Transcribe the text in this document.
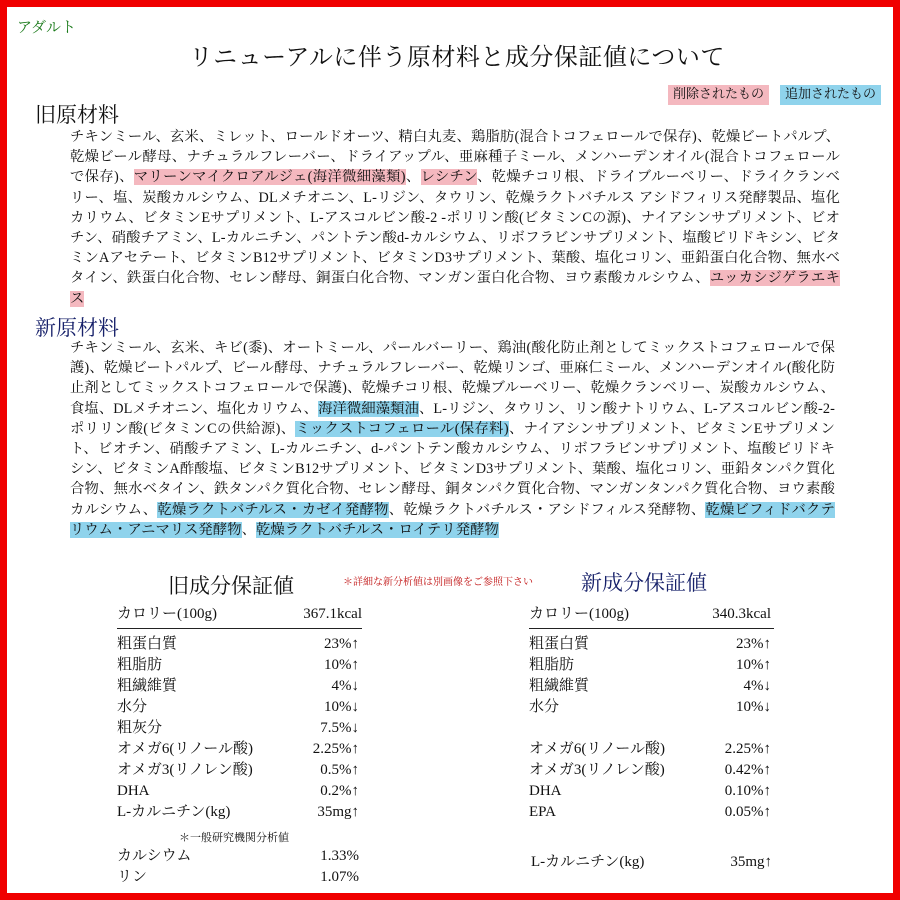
アダルト
リニューアルに伴う原材料と成分保証値について
削除されたもの	追加されたもの
旧原材料
チキンミール、玄米、ミレット、ロールドオーツ、精白丸麦、鶏脂肪(混合トコフェロールで保存)、乾燥ビートパルプ、乾燥ビール酵母、ナチュラルフレーバー、ドライアップル、亜麻種子ミール、メンハーデンオイル(混合トコフェロールで保存)、マリーンマイクロアルジェ(海洋微細藻類)、レシチン、乾燥チコリ根、ドライブルーベリー、ドライクランベリー、塩、炭酸カルシウム、DLメチオニン、L-リジン、タウリン、乾燥ラクトバチルス アシドフィリス発酵製品、塩化カリウム、ビタミンEサプリメント、L-アスコルビン酸-2 -ポリリン酸(ビタミンCの源)、ナイアシンサプリメント、ビオチン、硝酸チアミン、L-カルニチン、パントテン酸d-カルシウム、リボフラビンサプリメント、塩酸ピリドキシン、ビタミンAアセテート、ビタミンB12サプリメント、ビタミンD3サプリメント、葉酸、塩化コリン、亜鉛蛋白化合物、無水ベタイン、鉄蛋白化合物、セレン酵母、銅蛋白化合物、マンガン蛋白化合物、ヨウ素酸カルシウム、ユッカシジゲラエキス
新原材料
チキンミール、玄米、キビ(黍)、オートミール、パールバーリー、鶏油(酸化防止剤としてミックストコフェロールで保護)、乾燥ビートパルプ、ビール酵母、ナチュラルフレーバー、乾燥リンゴ、亜麻仁ミール、メンハーデンオイル(酸化防止剤としてミックストコフェロールで保護)、乾燥チコリ根、乾燥ブルーベリー、乾燥クランベリー、炭酸カルシウム、食塩、DLメチオニン、塩化カリウム、海洋微細藻類油、L-リジン、タウリン、リン酸ナトリウム、L-アスコルビン酸-2-ポリリン酸(ビタミンCの供給源)、ミックストコフェロール(保存料)、ナイアシンサプリメント、ビタミンEサプリメント、ビオチン、硝酸チアミン、L-カルニチン、d-パントテン酸カルシウム、リボフラビンサプリメント、塩酸ピリドキシン、ビタミンA酢酸塩、ビタミンB12サプリメント、ビタミンD3サプリメント、葉酸、塩化コリン、亜鉛タンパク質化合物、無水ベタイン、鉄タンパク質化合物、セレン酵母、銅タンパク質化合物、マンガンタンパク質化合物、ヨウ素酸カルシウム、乾燥ラクトバチルス・カゼイ発酵物、乾燥ラクトバチルス・アシドフィルス発酵物、乾燥ビフィドバクテリウム・アニマリス発酵物、乾燥ラクトバチルス・ロイテリ発酵物
旧成分保証値	＊詳細な新分析値は別画像をご参照下さい 新成分保証値
カロリー(100g)	367.1kcal
粗蛋白質	23%↑
粗脂肪	10%↑
粗繊維質	4%↓
水分	10%↓
粗灰分	7.5%↓
オメガ6(リノール酸)	2.25%↑
オメガ3(リノレン酸)	0.5%↑
DHA	0.2%↑
L-カルニチン(kg)	35mg↑
カルシウム	1.33%
リン	1.07%
＊一般研究機関分析値
カロリー(100g)	340.3kcal
粗蛋白質	23%↑
粗脂肪	10%↑
粗繊維質	4%↓
水分	10%↓
オメガ6(リノール酸)	2.25%↑
オメガ3(リノレン酸)	0.42%↑
DHA	0.10%↑
EPA	0.05%↑
L-カルニチン(kg)	35mg↑
